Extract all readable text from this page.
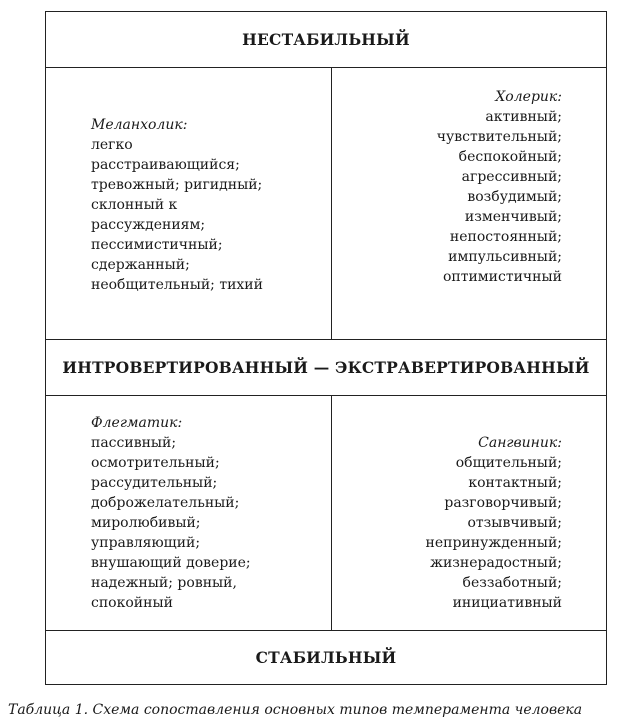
НЕСТАБИЛЬНЫЙ
Меланхолик:
легко
расстраивающийся;
тревожный; ригидный;
склонный к
рассуждениям;
пессимистичный;
сдержанный;
необщительный; тихий
Холерик:
активный;
чувствительный;
беспокойный;
агрессивный;
возбудимый;
изменчивый;
непостоянный;
импульсивный;
оптимистичный
ИНТРОВЕРТИРОВАННЫЙ — ЭКСТРАВЕРТИРОВАННЫЙ
Флегматик:
пассивный;
осмотрительный;
рассудительный;
доброжелательный;
миролюбивый;
управляющий;
внушающий доверие;
надежный; ровный,
спокойный
Сангвиник:
общительный;
контактный;
разговорчивый;
отзывчивый;
непринужденный;
жизнерадостный;
беззаботный;
инициативный
СТАБИЛЬНЫЙ
Таблица 1. Схема сопоставления основных типов темперамента человека
